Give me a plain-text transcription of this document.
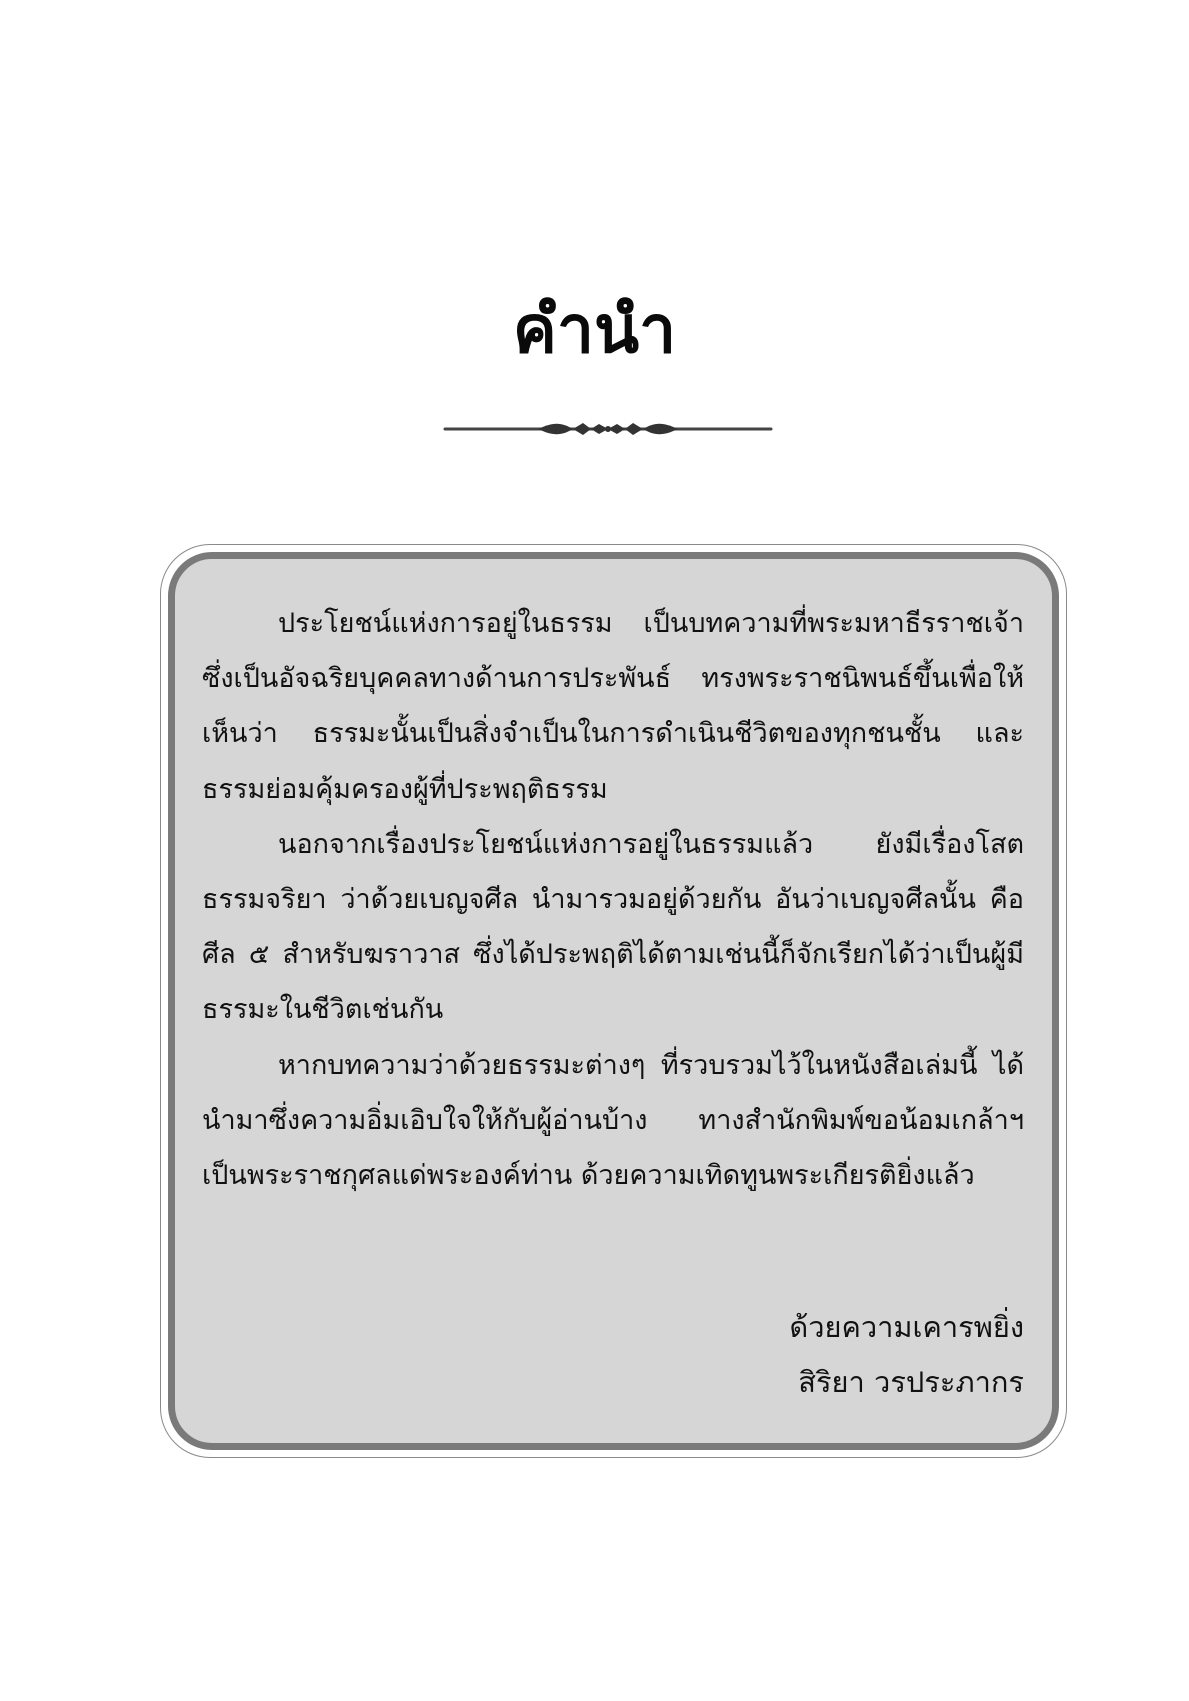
คำนำ

ประโยชน์แห่งการอยู่ในธรรม เป็นบทความที่พระมหาธีรราชเจ้า ซึ่งเป็นอัจฉริยบุคคลทางด้านการประพันธ์ ทรงพระราชนิพนธ์ขึ้นเพื่อให้เห็นว่า ธรรมะนั้นเป็นสิ่งจำเป็นในการดำเนินชีวิตของทุกชนชั้น และธรรมย่อมคุ้มครองผู้ที่ประพฤติธรรม

นอกจากเรื่องประโยชน์แห่งการอยู่ในธรรมแล้ว ยังมีเรื่องโสตธรรมจริยา ว่าด้วยเบญจศีล นำมารวมอยู่ด้วยกัน อันว่าเบญจศีลนั้น คือ ศีล ๕ สำหรับฆราวาส ซึ่งได้ประพฤติได้ตามเช่นนี้ก็จักเรียกได้ว่าเป็นผู้มีธรรมะในชีวิตเช่นกัน

หากบทความว่าด้วยธรรมะต่างๆ ที่รวบรวมไว้ในหนังสือเล่มนี้ ได้นำมาซึ่งความอิ่มเอิบใจให้กับผู้อ่านบ้าง ทางสำนักพิมพ์ขอน้อมเกล้าฯ เป็นพระราชกุศลแด่พระองค์ท่าน ด้วยความเทิดทูนพระเกียรติยิ่งแล้ว

ด้วยความเคารพยิ่ง
สิริยา วรประภากร
